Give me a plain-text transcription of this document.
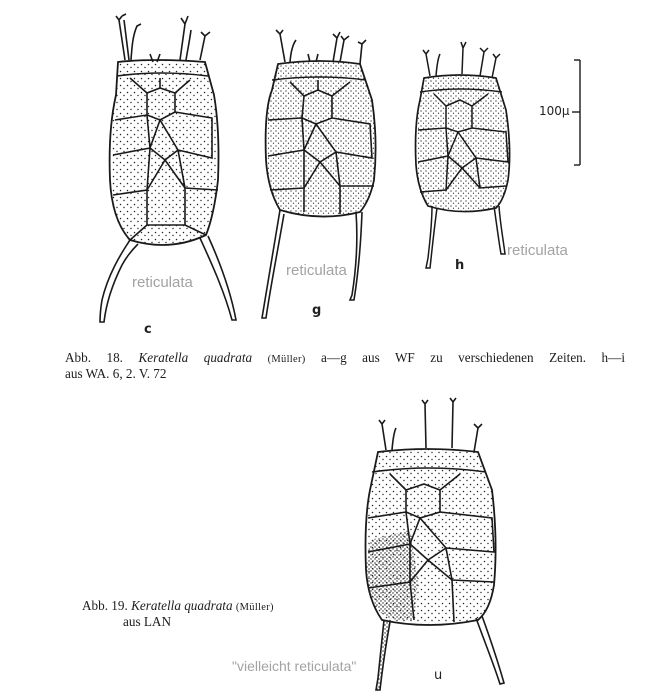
c
g
h
u
100μ
reticulata
reticulata
reticulata
"vielleicht reticulata"
Abb. 18. Keratella quadrata (Müller) a—g aus WF zu verschiedenen Zeiten. h—i
aus WA. 6, 2. V. 72
Abb. 19. Keratella quadrata (Müller)
aus LAN
